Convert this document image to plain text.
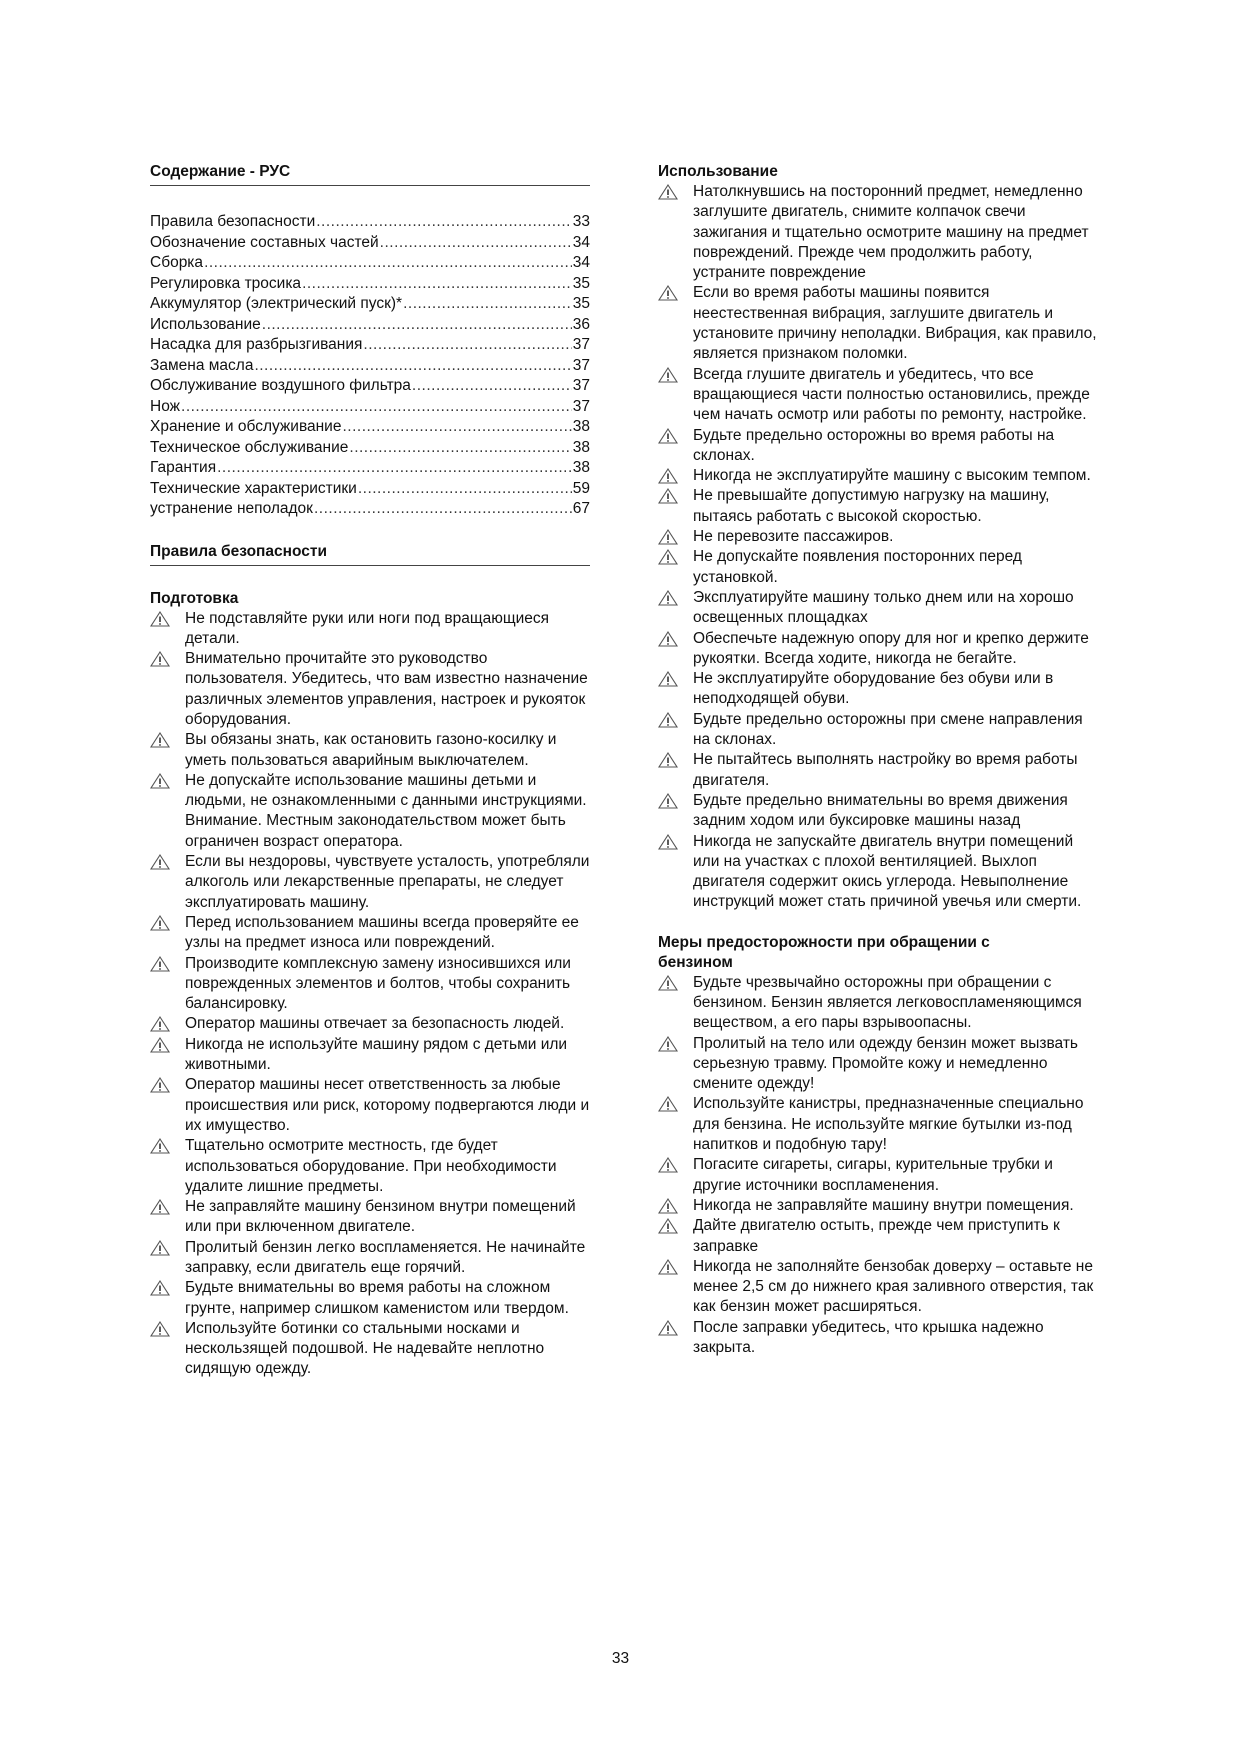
Содержание - РУС
Правила безопасности .....	33
Обозначение составных частей .....	34
Сборка .....	34
Регулировка тросика .....	35
Аккумулятор (электрический пуск)* .....	35
Использование .....	36
Насадка для разбрызгивания .....	37
Замена масла .....	37
Обслуживание воздушного фильтра .....	37
Нож .....	37
Хранение и обслуживание .....	38
Техническое обслуживание .....	38
Гарантия .....	38
Технические характеристики .....	59
устранение неполадок .....	67
Правила безопасности
Подготовка
Не подставляйте руки или ноги под вращающиеся детали.
Внимательно прочитайте это руководство пользователя. Убедитесь, что вам известно назначение различных элементов управления, настроек и рукояток оборудования.
Вы обязаны знать, как остановить газоно-косилку и уметь пользоваться аварийным выключателем.
Не допускайте использование машины детьми и людьми, не ознакомленными с данными инструкциями. Внимание. Местным законодательством может быть ограничен возраст оператора.
Если вы нездоровы, чувствуете усталость, употребляли алкоголь или лекарственные препараты, не следует эксплуатировать машину.
Перед использованием машины всегда проверяйте ее узлы на предмет износа или повреждений.
Производите комплексную замену износившихся или поврежденных элементов и болтов, чтобы сохранить балансировку.
Оператор машины отвечает за безопасность людей.
Никогда не используйте машину рядом с детьми или животными.
Оператор машины несет ответственность за любые происшествия или риск, которому подвергаются люди и их имущество.
Тщательно осмотрите местность, где будет использоваться оборудование. При необходимости удалите лишние предметы.
Не заправляйте машину бензином внутри помещений или при включенном двигателе.
Пролитый бензин легко воспламеняется. Не начинайте заправку, если двигатель еще горячий.
Будьте внимательны во время работы на сложном грунте, например слишком каменистом или твердом.
Используйте ботинки со стальными носками и нескользящей подошвой. Не надевайте неплотно сидящую одежду.
Использование
Натолкнувшись на посторонний предмет, немедленно заглушите двигатель, снимите колпачок свечи зажигания и тщательно осмотрите машину на предмет повреждений. Прежде чем продолжить работу, устраните повреждение
Если во время работы машины появится неестественная вибрация, заглушите двигатель и установите причину неполадки. Вибрация, как правило, является признаком поломки.
Всегда глушите двигатель и убедитесь, что все вращающиеся части полностью остановились, прежде чем начать осмотр или работы по ремонту, настройке.
Будьте предельно осторожны во время работы на склонах.
Никогда не эксплуатируйте машину с высоким темпом.
Не превышайте допустимую нагрузку на машину, пытаясь работать с высокой скоростью.
Не перевозите пассажиров.
Не допускайте появления посторонних перед установкой.
Эксплуатируйте машину только днем или на хорошо освещенных площадках
Обеспечьте надежную опору для ног и крепко держите рукоятки. Всегда ходите, никогда не бегайте.
Не эксплуатируйте оборудование без обуви или в неподходящей обуви.
Будьте предельно осторожны при смене направления на склонах.
Не пытайтесь выполнять настройку во время работы двигателя.
Будьте предельно внимательны во время движения задним ходом или буксировке машины назад
Никогда не запускайте двигатель внутри помещений или на участках с плохой вентиляцией. Выхлоп двигателя содержит окись углерода. Невыполнение инструкций может стать причиной увечья или смерти.
Меры предосторожности при обращении с бензином
Будьте чрезвычайно осторожны при обращении с бензином. Бензин является легковоспламеняющимся веществом, а его пары взрывоопасны.
Пролитый на тело или одежду бензин может вызвать серьезную травму. Промойте кожу и немедленно смените одежду!
Используйте канистры, предназначенные специально для бензина. Не используйте мягкие бутылки из-под напитков и подобную тару!
Погасите сигареты, сигары, курительные трубки и другие источники воспламенения.
Никогда не заправляйте машину внутри помещения.
Дайте двигателю остыть, прежде чем приступить к заправке
Никогда не заполняйте бензобак доверху – оставьте не менее 2,5 см до нижнего края заливного отверстия, так как бензин может расширяться.
После заправки убедитесь, что крышка надежно закрыта.
33
